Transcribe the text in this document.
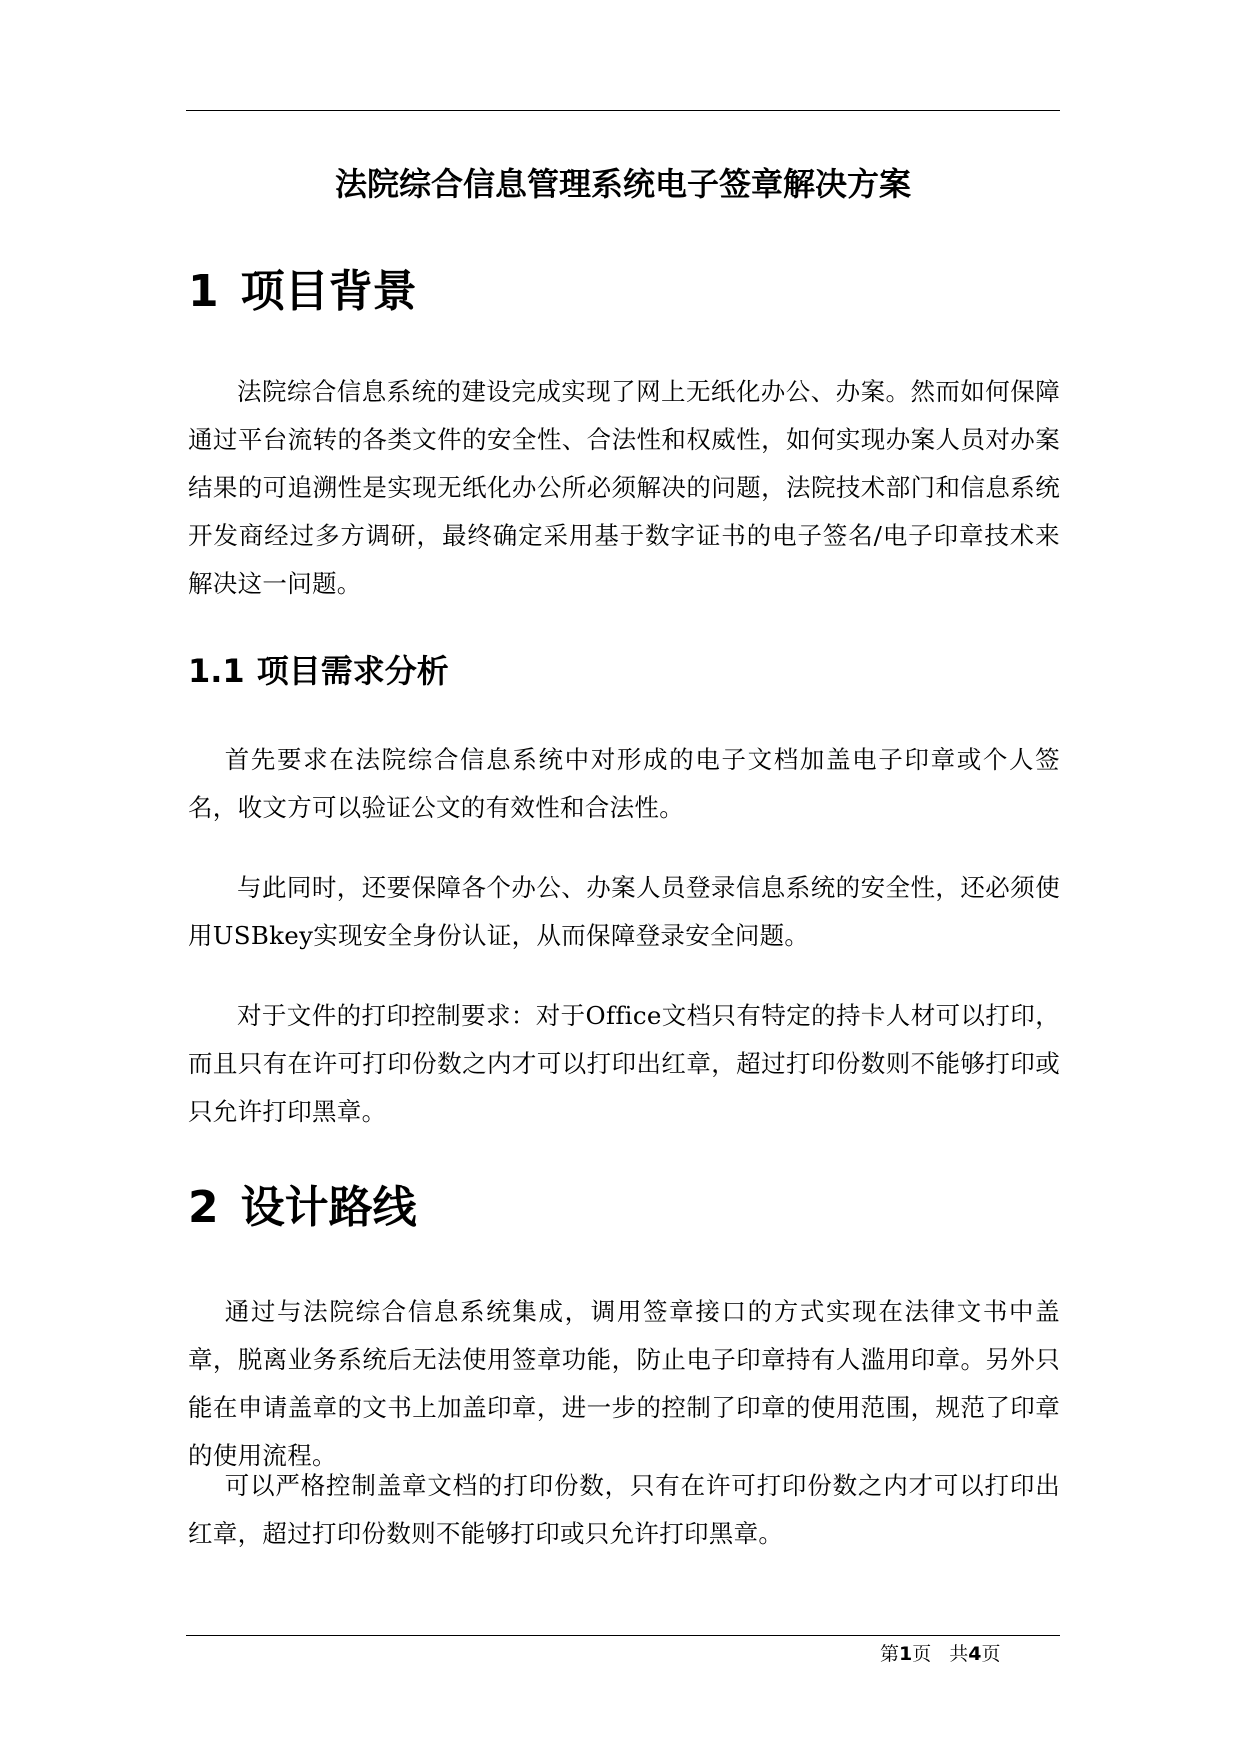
法院综合信息管理系统电子签章解决方案
1 项目背景

法院综合信息系统的建设完成实现了网上无纸化办公、办案。然而如何保障通过平台流转的各类文件的安全性、合法性和权威性，如何实现办案人员对办案结果的可追溯性是实现无纸化办公所必须解决的问题，法院技术部门和信息系统开发商经过多方调研，最终确定采用基于数字证书的电子签名/电子印章技术来解决这一问题。

1.1 项目需求分析

首先要求在法院综合信息系统中对形成的电子文档加盖电子印章或个人签名，收文方可以验证公文的有效性和合法性。

与此同时，还要保障各个办公、办案人员登录信息系统的安全性，还必须使用USBkey实现安全身份认证，从而保障登录安全问题。

对于文件的打印控制要求：对于Office文档只有特定的持卡人材可以打印，而且只有在许可打印份数之内才可以打印出红章，超过打印份数则不能够打印或只允许打印黑章。

2 设计路线

通过与法院综合信息系统集成，调用签章接口的方式实现在法律文书中盖章，脱离业务系统后无法使用签章功能，防止电子印章持有人滥用印章。另外只能在申请盖章的文书上加盖印章，进一步的控制了印章的使用范围，规范了印章的使用流程。

可以严格控制盖章文档的打印份数，只有在许可打印份数之内才可以打印出红章，超过打印份数则不能够打印或只允许打印黑章。

第1页 共4页
